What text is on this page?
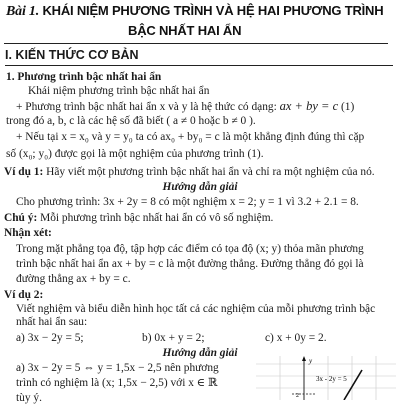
Bài 1. KHÁI NIỆM PHƯƠNG TRÌNH VÀ HỆ HAI PHƯƠNG TRÌNH
BẬC NHẤT HAI ẨN
I. KIẾN THỨC CƠ BẢN
1. Phương trình bậc nhất hai ẩn
Khái niệm phương trình bậc nhất hai ẩn
+ Phương trình bậc nhất hai ẩn x và y là hệ thức có dạng: ax + by = c (1)
trong đó a, b, c là các hệ số đã biết ( a ≠ 0 hoặc b ≠ 0 ).
+ Nếu tại x = x₀ và y = y₀ ta có ax₀ + by₀ = c là một khẳng định đúng thì cặp
số (x₀; y₀) được gọi là một nghiệm của phương trình (1).
Ví dụ 1: Hãy viết một phương trình bậc nhất hai ẩn và chỉ ra một nghiệm của nó.
Hướng dẫn giải
Cho phương trình: 3x + 2y = 8 có một nghiệm x = 2; y = 1 vì 3.2 + 2.1 = 8.
Chú ý: Mỗi phương trình bậc nhất hai ẩn có vô số nghiệm.
Nhận xét:
Trong mặt phẳng tọa độ, tập hợp các điểm có tọa độ (x; y) thỏa mãn phương
trình bậc nhất hai ẩn ax + by = c là một đường thẳng. Đường thẳng đó gọi là
đường thẳng ax + by = c.
Ví dụ 2:
Viết nghiệm và biểu diễn hình học tất cả các nghiệm của mỗi phương trình bậc
nhất hai ẩn sau:
a) 3x − 2y = 5;	b) 0x + y = 2;	c) x + 0y = 2.
Hướng dẫn giải
a) 3x − 2y = 5 ⇔ y = 1,5x − 2,5 nên phương
trình có nghiệm là (x; 1,5x − 2,5) với x ∈ ℝ
tùy ý.
y
3x - 2y = 5
2
